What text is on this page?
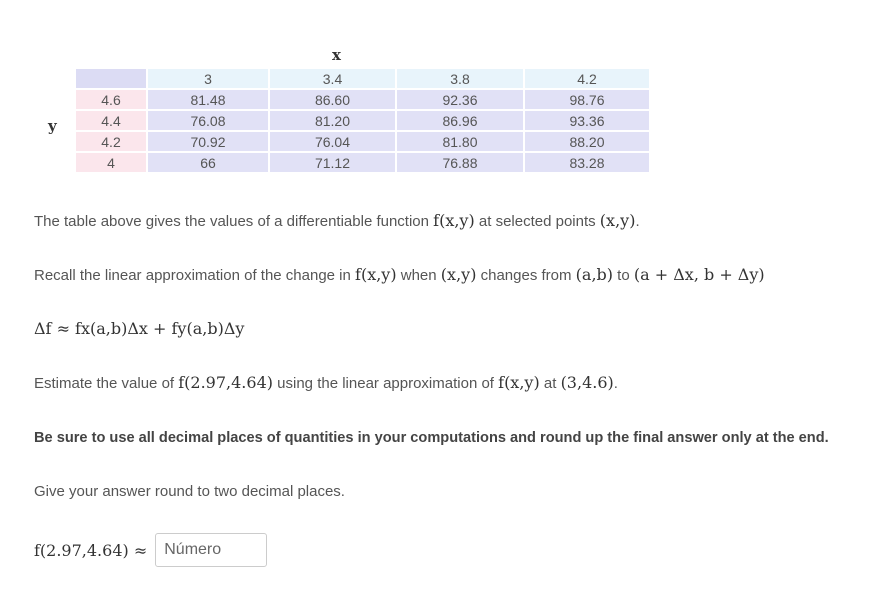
x
y
	3	3.4	3.8	4.2
4.6	81.48	86.60	92.36	98.76
4.4	76.08	81.20	86.96	93.36
4.2	70.92	76.04	81.80	88.20
4	66	71.12	76.88	83.28

The table above gives the values of a differentiable function f(x,y) at selected points (x,y).

Recall the linear approximation of the change in f(x,y) when (x,y) changes from (a,b) to (a + Δx, b + Δy)

Δf ≈ fx(a,b)Δx + fy(a,b)Δy

Estimate the value of f(2.97,4.64) using the linear approximation of f(x,y) at (3,4.6).

Be sure to use all decimal places of quantities in your computations and round up the final answer only at the end.

Give your answer round to two decimal places.

f(2.97,4.64) ≈
Número
